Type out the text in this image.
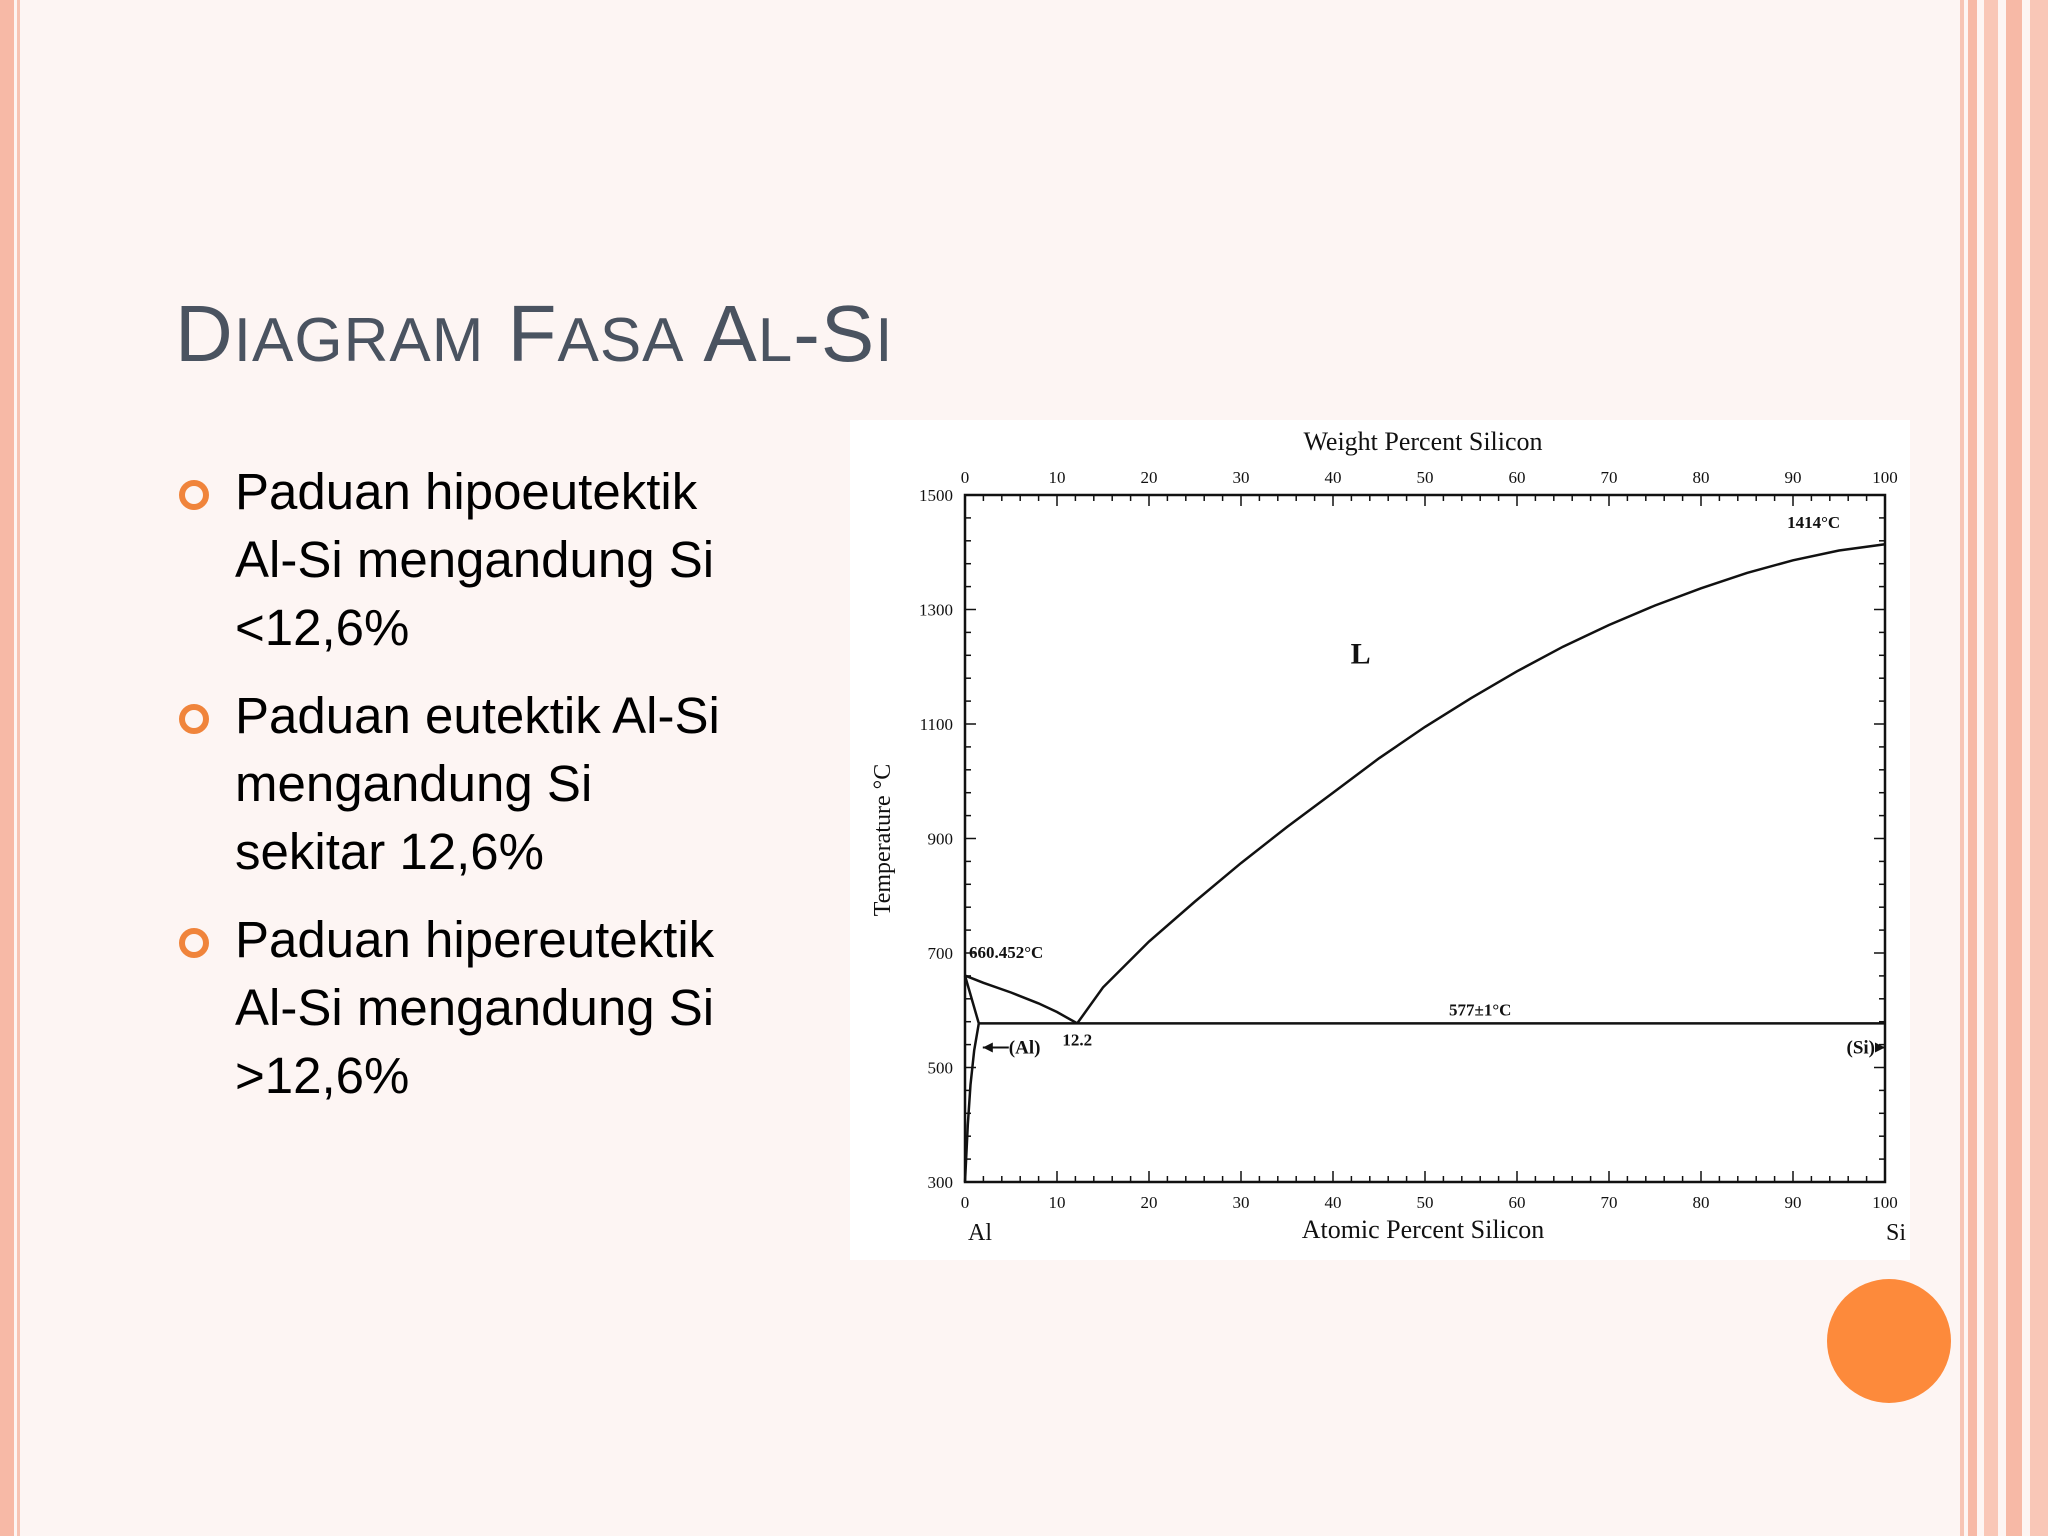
DIAGRAM FASA AL-SI
Paduan hipoeutektik
Al-Si mengandung Si
<12,6%
Paduan eutektik Al-Si
mengandung Si
sekitar 12,6%
Paduan hipereutektik
Al-Si mengandung Si
>12,6%
Weight Percent Silicon
Atomic Percent Silicon
Temperature °C
Al	Si
0	10	20	30	40	50	60	70	80	90	100
0	10	20	30	40	50	60	70	80	90	100
300
500
700
900
1100
1300
1500
L
1414°C
660.452°C
12.2
577±1°C
(Al)	(Si)
